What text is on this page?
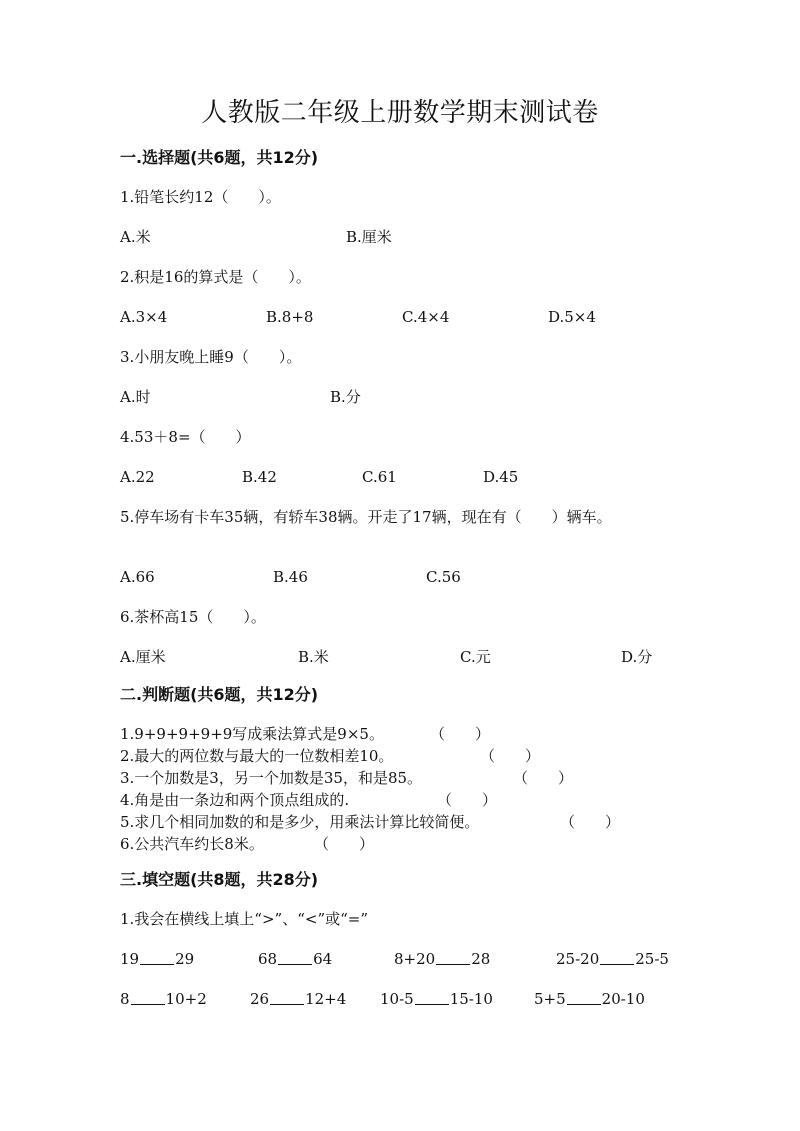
人教版二年级上册数学期末测试卷
一.选择题(共6题，共12分)
1.铅笔长约12（　　）。
A.米	B.厘米
2.积是16的算式是（　　）。
A.3×4	B.8+8	C.4×4	D.5×4
3.小朋友晚上睡9（　　）。
A.时	B.分
4.53＋8=（　　）
A.22	B.42	C.61	D.45
5.停车场有卡车35辆，有轿车38辆。开走了17辆，现在有（　　）辆车。
A.66	B.46	C.56
6.茶杯高15（　　）。
A.厘米	B.米	C.元	D.分
二.判断题(共6题，共12分)
1.9+9+9+9+9写成乘法算式是9×5。	（　　）
2.最大的两位数与最大的一位数相差10。	（　　）
3.一个加数是3，另一个加数是35，和是85。	（　　）
4.角是由一条边和两个顶点组成的.	（　　）
5.求几个相同加数的和是多少，用乘法计算比较简便。	（　　）
6.公共汽车约长8米。	（　　）
三.填空题(共8题，共28分)
1.我会在横线上填上“>”、“<”或“=”
19 29	68 64	8+20 28	25-20 25-5
8 10+2	26 12+4 10-5 15-10	5+5 20-10
